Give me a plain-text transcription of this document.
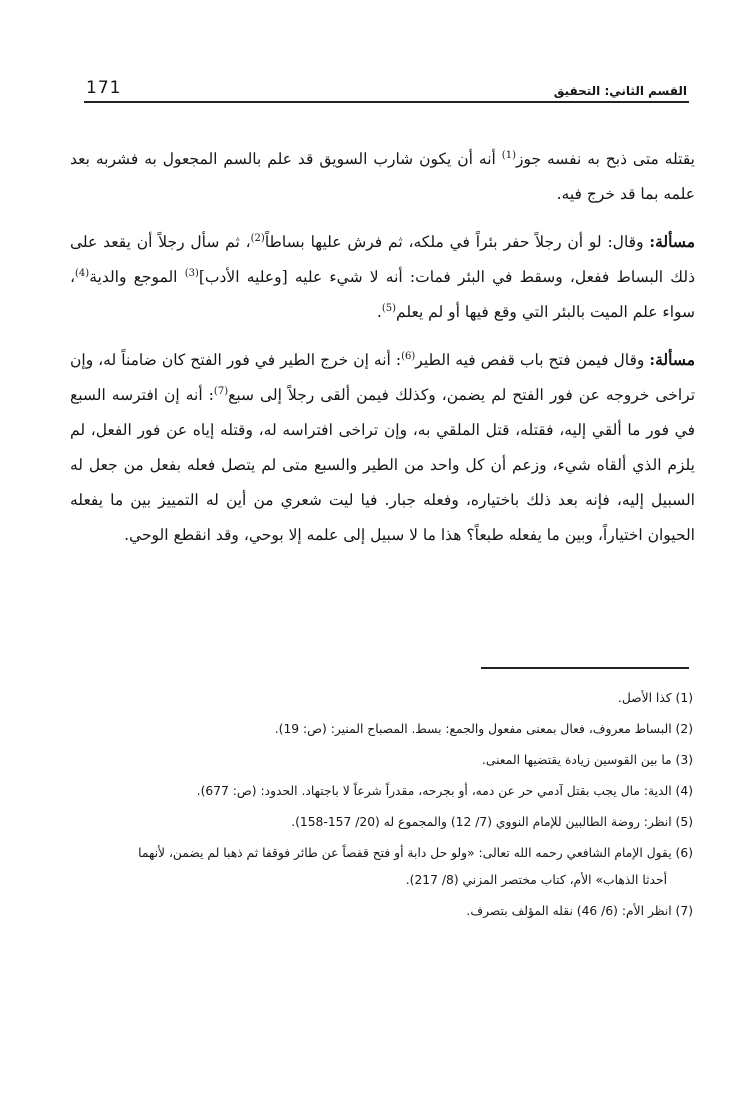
171	القسم الثاني: التحقيق

يقتله متى ذبح به نفسه جوز$^{(1)}$ أنه أن يكون شارب السويق قد علم بالسم المجعول به فشربه بعد علمه بما قد خرج فيه.

مسألة: وقال: لو أن رجلاً حفر بئراً في ملكه، ثم فرش عليها بساطاً$^{(2)}$، ثم سأل رجلاً أن يقعد على ذلك البساط ففعل، وسقط في البئر فمات: أنه لا شيء عليه [وعليه الأدب]$^{(3)}$ الموجع والدية$^{(4)}$، سواء علم الميت بالبئر التي وقع فيها أو لم يعلم$^{(5)}$.

مسألة: وقال فيمن فتح باب قفص فيه الطير$^{(6)}$: أنه إن خرج الطير في فور الفتح كان ضامناً له، وإن تراخى خروجه عن فور الفتح لم يضمن، وكذلك فيمن ألقى رجلاً إلى سبع$^{(7)}$: أنه إن افترسه السبع في فور ما ألقي إليه، فقتله، قتل الملقي به، وإن تراخى افتراسه له، وقتله إياه عن فور الفعل، لم يلزم الذي ألقاه شيء، وزعم أن كل واحد من الطير والسبع متى لم يتصل فعله بفعل من جعل له السبيل إليه، فإنه بعد ذلك باختياره، وفعله جبار. فيا ليت شعري من أين له التمييز بين ما يفعله الحيوان اختياراً، وبين ما يفعله طبعاً؟ هذا ما لا سبيل إلى علمه إلا بوحي، وقد انقطع الوحي.

(1) كذا الأصل.

(2) البساط معروف، فعال بمعنى مفعول والجمع: بسط. المصباح المنير: (ص: 19).

(3) ما بين القوسين زيادة يقتضيها المعنى.

(4) الدية: مال يجب بقتل آدمي حر عن دمه، أو بجرحه، مقدراً شرعاً لا باجتهاد. الحدود: (ص: 677).

(5) انظر: روضة الطالبين للإمام النووي (7/ 12) والمجموع له (20/ 157-158).

(6) يقول الإمام الشافعي رحمه الله تعالى: «ولو حل دابة أو فتح قفصاً عن طائر فوقفا ثم ذهبا لم يضمن، لأنهما
أحدثا الذهاب» الأم، كتاب مختصر المزني (8/ 217).

(7) انظر الأم: (6/ 46) نقله المؤلف بتصرف.
